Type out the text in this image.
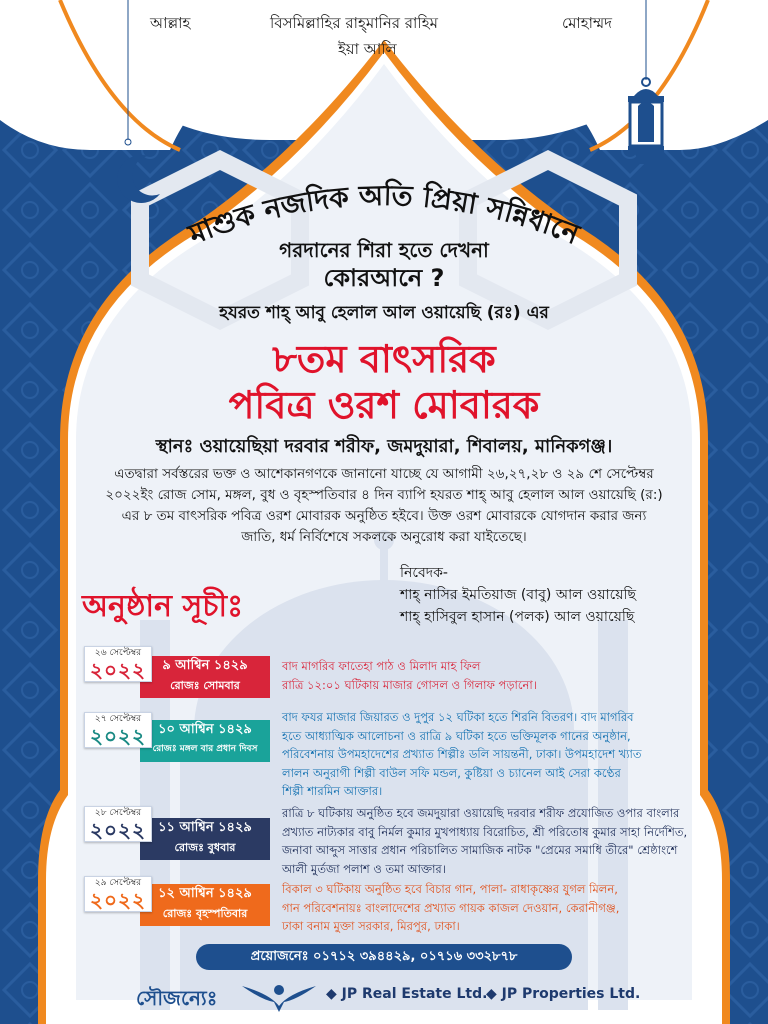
আল্লাহ	বিসমিল্লাহির রাহ্‌মানির রাহিম
ইয়া আলি
মোহাম্মদ
মাশুক নজদিক অতি প্রিয়া সন্নিধানে
গরদানের শিরা হতে দেখনা
কোরআনে ?
হযরত শাহ্‌ আবু হেলাল আল ওয়ায়েছি (রঃ) এর
৮তম বাৎসরিক
পবিত্র ওরশ মোবারক
স্থানঃ ওয়ায়েছিয়া দরবার শরীফ, জমদুয়ারা, শিবালয়, মানিকগঞ্জ।
এতদ্বারা সর্বস্তরের ভক্ত ও আশেকানগণকে জানানো যাচ্ছে যে আগামী ২৬,২৭,২৮ ও ২৯ শে সেপ্টেম্বর
২০২২ইং রোজ সোম, মঙ্গল, বুধ ও বৃহস্পতিবার ৪ দিন ব্যাপি হযরত শাহ্‌ আবু হেলাল আল ওয়ায়েছি (র:)
এর ৮ তম বাৎসরিক পবিত্র ওরশ মোবারক অনুষ্ঠিত হইবে। উক্ত ওরশ মোবারকে যোগদান করার জন্য
জাতি, ধর্ম নির্বিশেষে সকলকে অনুরোধ করা যাইতেছে।
অনুষ্ঠান সূচীঃ
নিবেদক-
শাহ্‌ নাসির ইমতিয়াজ (বাবু) আল ওয়ায়েছি
শাহ্‌ হাসিবুল হাসান (পলক) আল ওয়ায়েছি
৯ আশ্বিন ১৪২৯
রোজঃ সোমবার
২৬ সেপ্টেম্বর
২০২২	বাদ মাগরিব ফাতেহা পাঠ ও মিলাদ মাহ ফিল
রাত্রি ১২:০১ ঘটিকায় মাজার গোসল ও গিলাফ পড়ানো।
১০ আশ্বিন ১৪২৯
রোজঃ মঙ্গল বার প্রধান দিবস
২৭ সেপ্টেম্বর
২০২২
বাদ ফযর মাজার জিয়ারত ও দুপুর ১২ ঘটিকা হতে শিরনি বিতরণ। বাদ মাগরিব
হতে আধ্যাত্মিক আলোচনা ও রাত্রি ৯ ঘটিকা হতে ভক্তিমূলক গানের অনুষ্ঠান,
পরিবেশনায় উপমহাদেশের প্রখ্যাত শিল্পীঃ ডলি সায়ন্তনী, ঢাকা। উপমহাদেশ খ্যাত
লালন অনুরাগী শিল্পী বাউল সফি মন্ডল, কুষ্টিয়া ও চ্যানেল আই সেরা কণ্ঠের
শিল্পী শারমিন আক্তার।
১১ আশ্বিন ১৪২৯
রোজঃ বুধবার
২৮ সেপ্টেম্বর
২০২২
রাত্রি ৮ ঘটিকায় অনুষ্ঠিত হবে জমদুয়ারা ওয়ায়েছি দরবার শরীফ প্রযোজিত ওপার বাংলার
প্রখ্যাত নাট্যকার বাবু নির্মল কুমার মুখপাধ্যায় বিরোচিত, শ্রী পরিতোষ কুমার সাহা নির্দেশিত,
জনাবা আব্দুস সাত্তার প্রধান পরিচালিত সামাজিক নাটক "প্রেমের সমাধি তীরে" শ্রেষ্ঠাংশে
আলী মুর্তজা পলাশ ও তমা আক্তার।
১২ আশ্বিন ১৪২৯
রোজঃ বৃহস্পতিবার
২৯ সেপ্টেম্বর
২০২২	বিকাল ৩ ঘটিকায় অনুষ্ঠিত হবে বিচার গান, পালা- রাধাকৃষ্ণের যুগল মিলন,
গান পরিবেশনায়ঃ বাংলাদেশের প্রখ্যাত গায়ক কাজল দেওয়ান, কেরানীগঞ্জ,
ঢাকা বনাম মুক্তা সরকার, মিরপুর, ঢাকা।
প্রয়োজনেঃ ০১৭১২ ৩৯৪৪২৯, ০১৭১৬ ৩৩২৮৭৮
সৌজন্যেঃ	◆ JP Real Estate Ltd.
◆ JP Properties Ltd.
